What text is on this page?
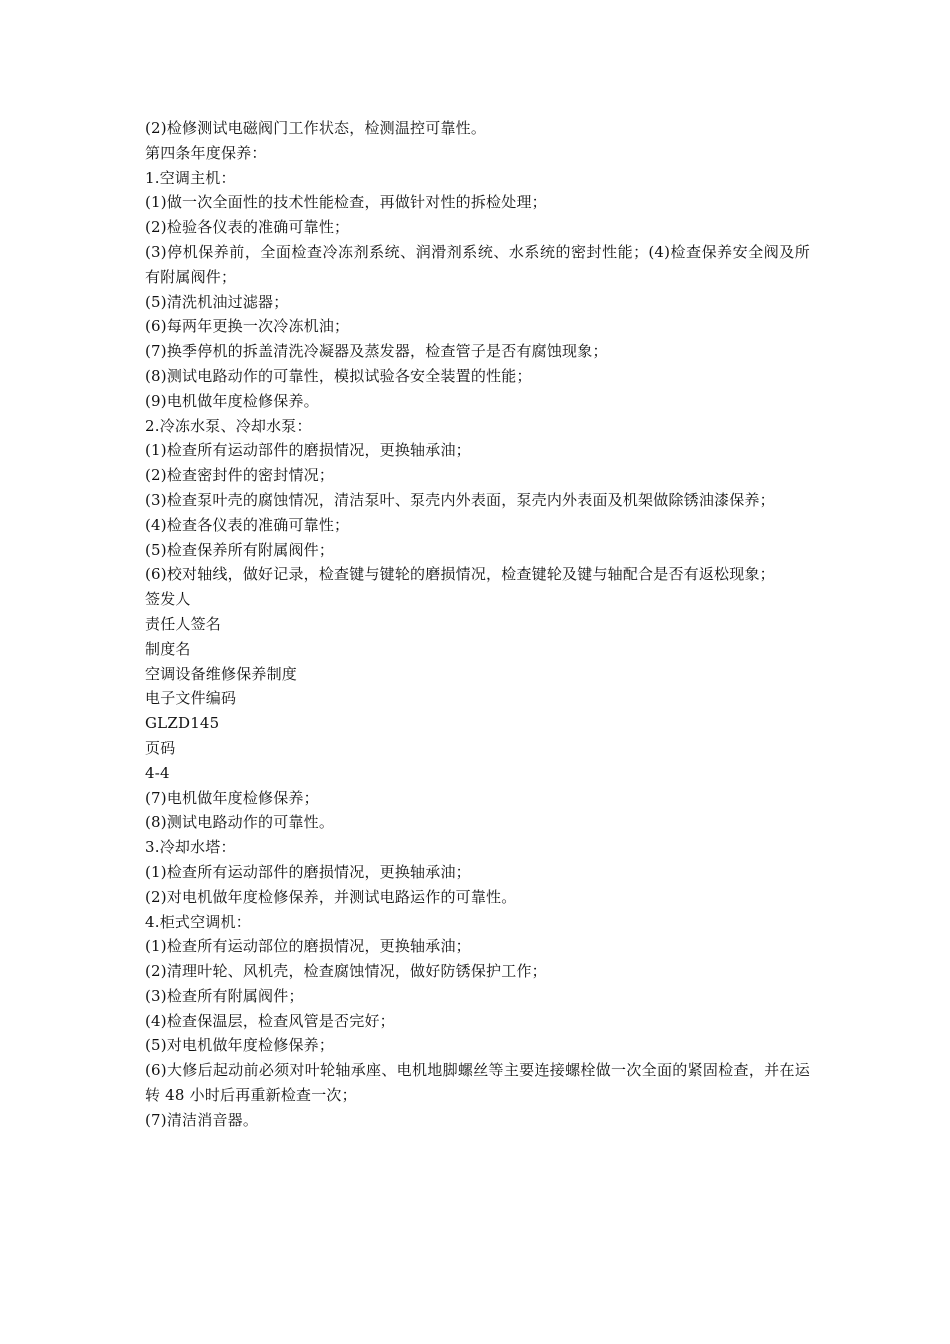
(2)检修测试电磁阀门工作状态，检测温控可靠性。
第四条年度保养：
1.空调主机：
(1)做一次全面性的技术性能检查，再做针对性的拆检处理；
(2)检验各仪表的准确可靠性；
(3)停机保养前，全面检查冷冻剂系统、润滑剂系统、水系统的密封性能；(4)检查保养安全阀及所有附属阀件；
(5)清洗机油过滤器；
(6)每两年更换一次冷冻机油；
(7)换季停机的拆盖清洗冷凝器及蒸发器，检查管子是否有腐蚀现象；
(8)测试电路动作的可靠性，模拟试验各安全装置的性能；
(9)电机做年度检修保养。
2.冷冻水泵、冷却水泵：
(1)检查所有运动部件的磨损情况，更换轴承油；
(2)检查密封件的密封情况；
(3)检查泵叶壳的腐蚀情况，清洁泵叶、泵壳内外表面，泵壳内外表面及机架做除锈油漆保养；
(4)检查各仪表的准确可靠性；
(5)检查保养所有附属阀件；
(6)校对轴线，做好记录，检查键与键轮的磨损情况，检查键轮及键与轴配合是否有返松现象；
签发人
责任人签名
制度名
空调设备维修保养制度
电子文件编码
GLZD145
页码
4-4
(7)电机做年度检修保养；
(8)测试电路动作的可靠性。
3.冷却水塔：
(1)检查所有运动部件的磨损情况，更换轴承油；
(2)对电机做年度检修保养，并测试电路运作的可靠性。
4.柜式空调机：
(1)检查所有运动部位的磨损情况，更换轴承油；
(2)清理叶轮、风机壳，检查腐蚀情况，做好防锈保护工作；
(3)检查所有附属阀件；
(4)检查保温层，检查风管是否完好；
(5)对电机做年度检修保养；
(6)大修后起动前必须对叶轮轴承座、电机地脚螺丝等主要连接螺栓做一次全面的紧固检查，并在运转 48 小时后再重新检查一次；
(7)清洁消音器。
